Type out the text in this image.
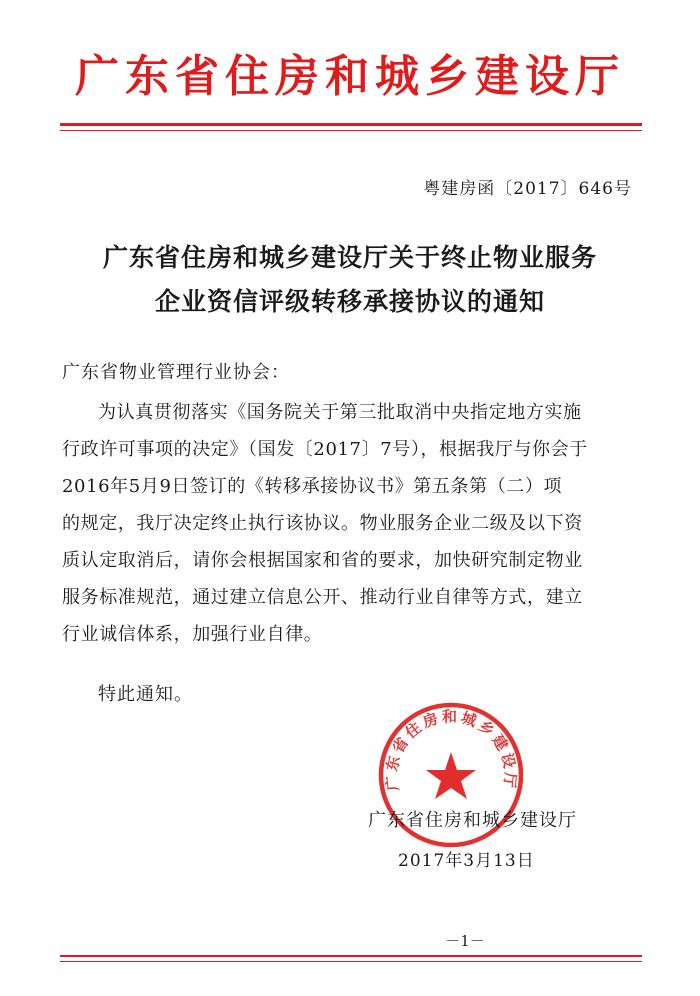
广东省住房和城乡建设厅
粤建房函〔2017〕646号
广东省住房和城乡建设厅关于终止物业服务
企业资信评级转移承接协议的通知
广东省物业管理行业协会：
为认真贯彻落实《国务院关于第三批取消中央指定地方实施
行政许可事项的决定》（国发〔2017〕7号），根据我厅与你会于
2016年5月9日签订的《转移承接协议书》第五条第（二）项
的规定，我厅决定终止执行该协议。物业服务企业二级及以下资
质认定取消后，请你会根据国家和省的要求，加快研究制定物业
服务标准规范，通过建立信息公开、推动行业自律等方式，建立
行业诚信体系，加强行业自律。
特此通知。
广东省住房和城乡建设厅
广东省住房和城乡建设厅
2017年3月13日
－1－
